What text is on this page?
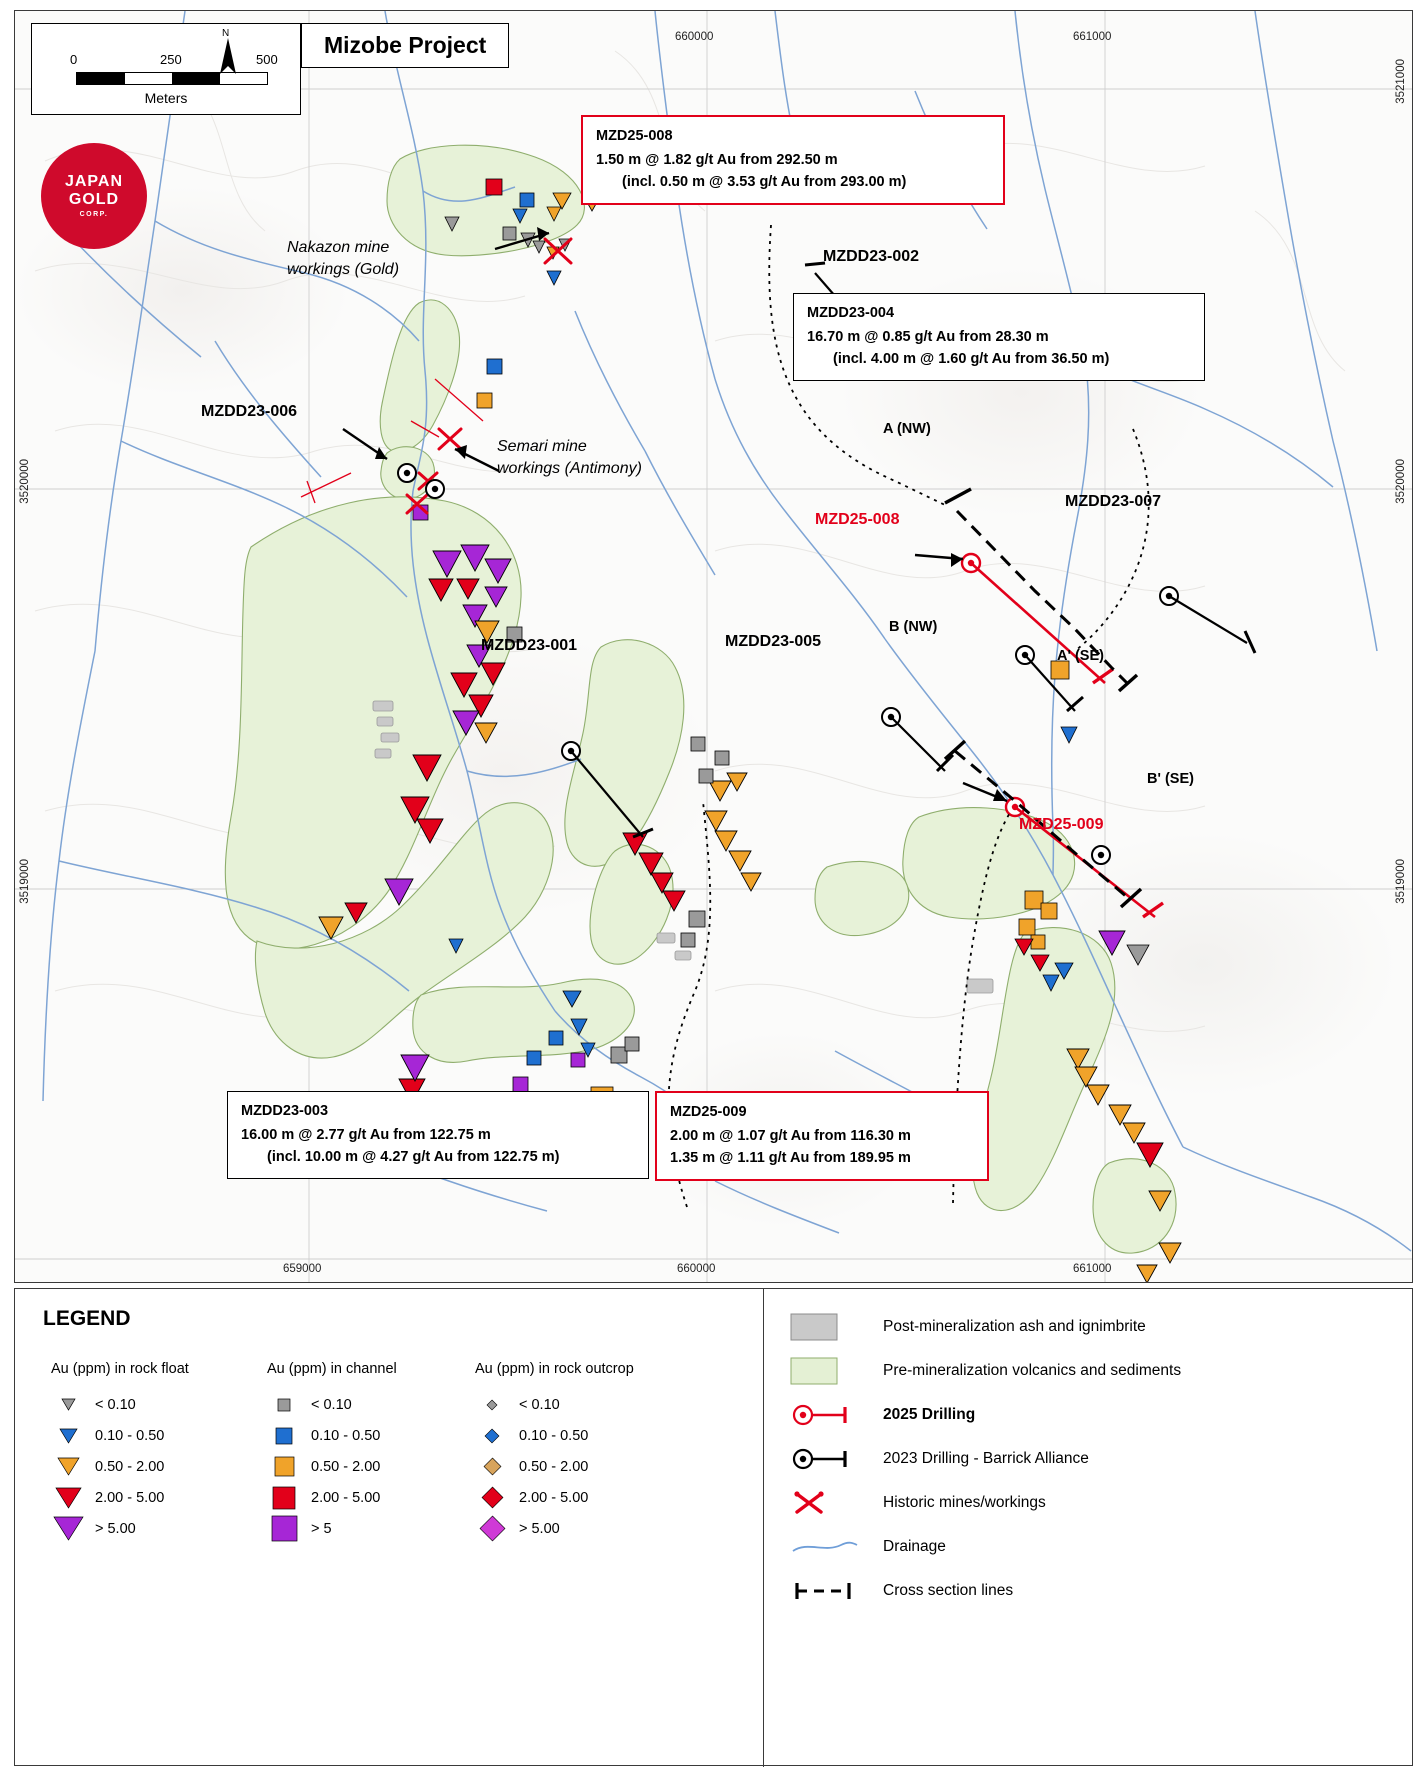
0	250	500
Meters
N	Mizobe Project
JAPAN
GOLD
CORP.
660000	661000
659000	660000	661000
3520000
3519000
3521000
3520000
3519000
MZD25-008
1.50 m @ 1.82 g/t Au from 292.50 m
(incl. 0.50 m @ 3.53 g/t Au from 293.00 m)
MZDD23-004
16.70 m @ 0.85 g/t Au from 28.30 m
(incl. 4.00 m @ 1.60 g/t Au from 36.50 m)
MZDD23-003
16.00 m @ 2.77 g/t Au from 122.75 m
(incl. 10.00 m @ 4.27 g/t Au from 122.75 m)
MZD25-009
2.00 m @ 1.07 g/t Au from 116.30 m
1.35 m @ 1.11 g/t Au from 189.95 m
MZDD23-002
MZDD23-006
MZDD23-007
MZD25-008
MZDD23-005
MZDD23-001
MZD25-009
A (NW)
A' (SE)
B (NW)
B' (SE)
Nakazon mine
workings (Gold)
Semari mine
workings (Antimony)
LEGEND
Au (ppm) in rock float
< 0.10
0.10 - 0.50
0.50 - 2.00
2.00 - 5.00
> 5.00
Au (ppm) in channel
< 0.10
0.10 - 0.50
0.50 - 2.00
2.00 - 5.00
> 5
Au (ppm) in rock outcrop
< 0.10
0.10 - 0.50
0.50 - 2.00
2.00 - 5.00
> 5.00
Post-mineralization ash and ignimbrite
Pre-mineralization volcanics and sediments
2025 Drilling
2023 Drilling - Barrick Alliance
Historic mines/workings
Drainage
Cross section lines
